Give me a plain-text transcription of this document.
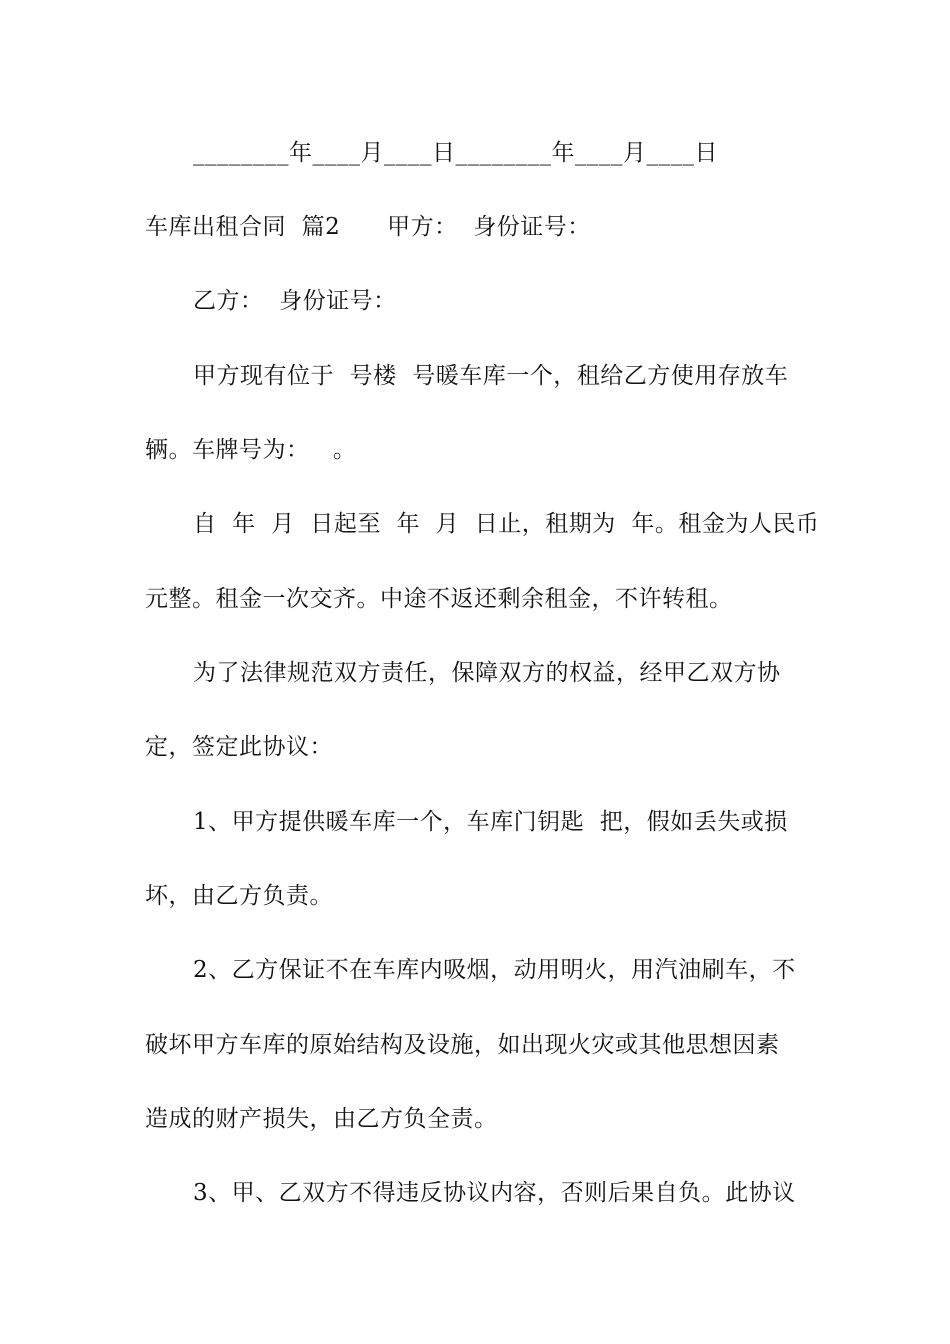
________年____月____日________年____月____日
车库出租合同  篇2      甲方：  身份证号：
乙方：  身份证号：
甲方现有位于  号楼  号暖车库一个，租给乙方使用存放车
辆。车牌号为：   。
自  年  月  日起至  年  月  日止，租期为  年。租金为人民币
元整。租金一次交齐。中途不返还剩余租金，不许转租。
为了法律规范双方责任，保障双方的权益，经甲乙双方协
定，签定此协议：
1、甲方提供暖车库一个，车库门钥匙  把，假如丢失或损
坏，由乙方负责。
2、乙方保证不在车库内吸烟，动用明火，用汽油刷车，不
破坏甲方车库的原始结构及设施，如出现火灾或其他思想因素
造成的财产损失，由乙方负全责。
3、甲、乙双方不得违反协议内容，否则后果自负。此协议
